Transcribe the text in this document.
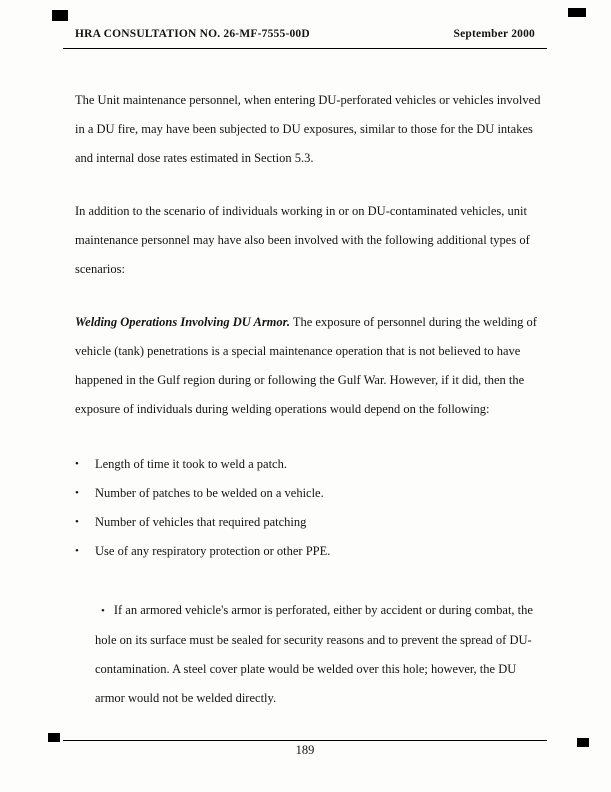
HRA CONSULTATION NO. 26-MF-7555-00D	September 2000

The Unit maintenance personnel, when entering DU-perforated vehicles or vehicles involved in a DU fire, may have been subjected to DU exposures, similar to those for the DU intakes and internal dose rates estimated in Section 5.3.

In addition to the scenario of individuals working in or on DU-contaminated vehicles, unit maintenance personnel may have also been involved with the following additional types of scenarios:

Welding Operations Involving DU Armor. The exposure of personnel during the welding of vehicle (tank) penetrations is a special maintenance operation that is not believed to have happened in the Gulf region during or following the Gulf War. However, if it did, then the exposure of individuals during welding operations would depend on the following:

•	Length of time it took to weld a patch.
•	Number of patches to be welded on a vehicle.
•	Number of vehicles that required patching
•	Use of any respiratory protection or other PPE.

• If an armored vehicle's armor is perforated, either by accident or during combat, the hole on its surface must be sealed for security reasons and to prevent the spread of DU-contamination. A steel cover plate would be welded over this hole; however, the DU armor would not be welded directly.

189
